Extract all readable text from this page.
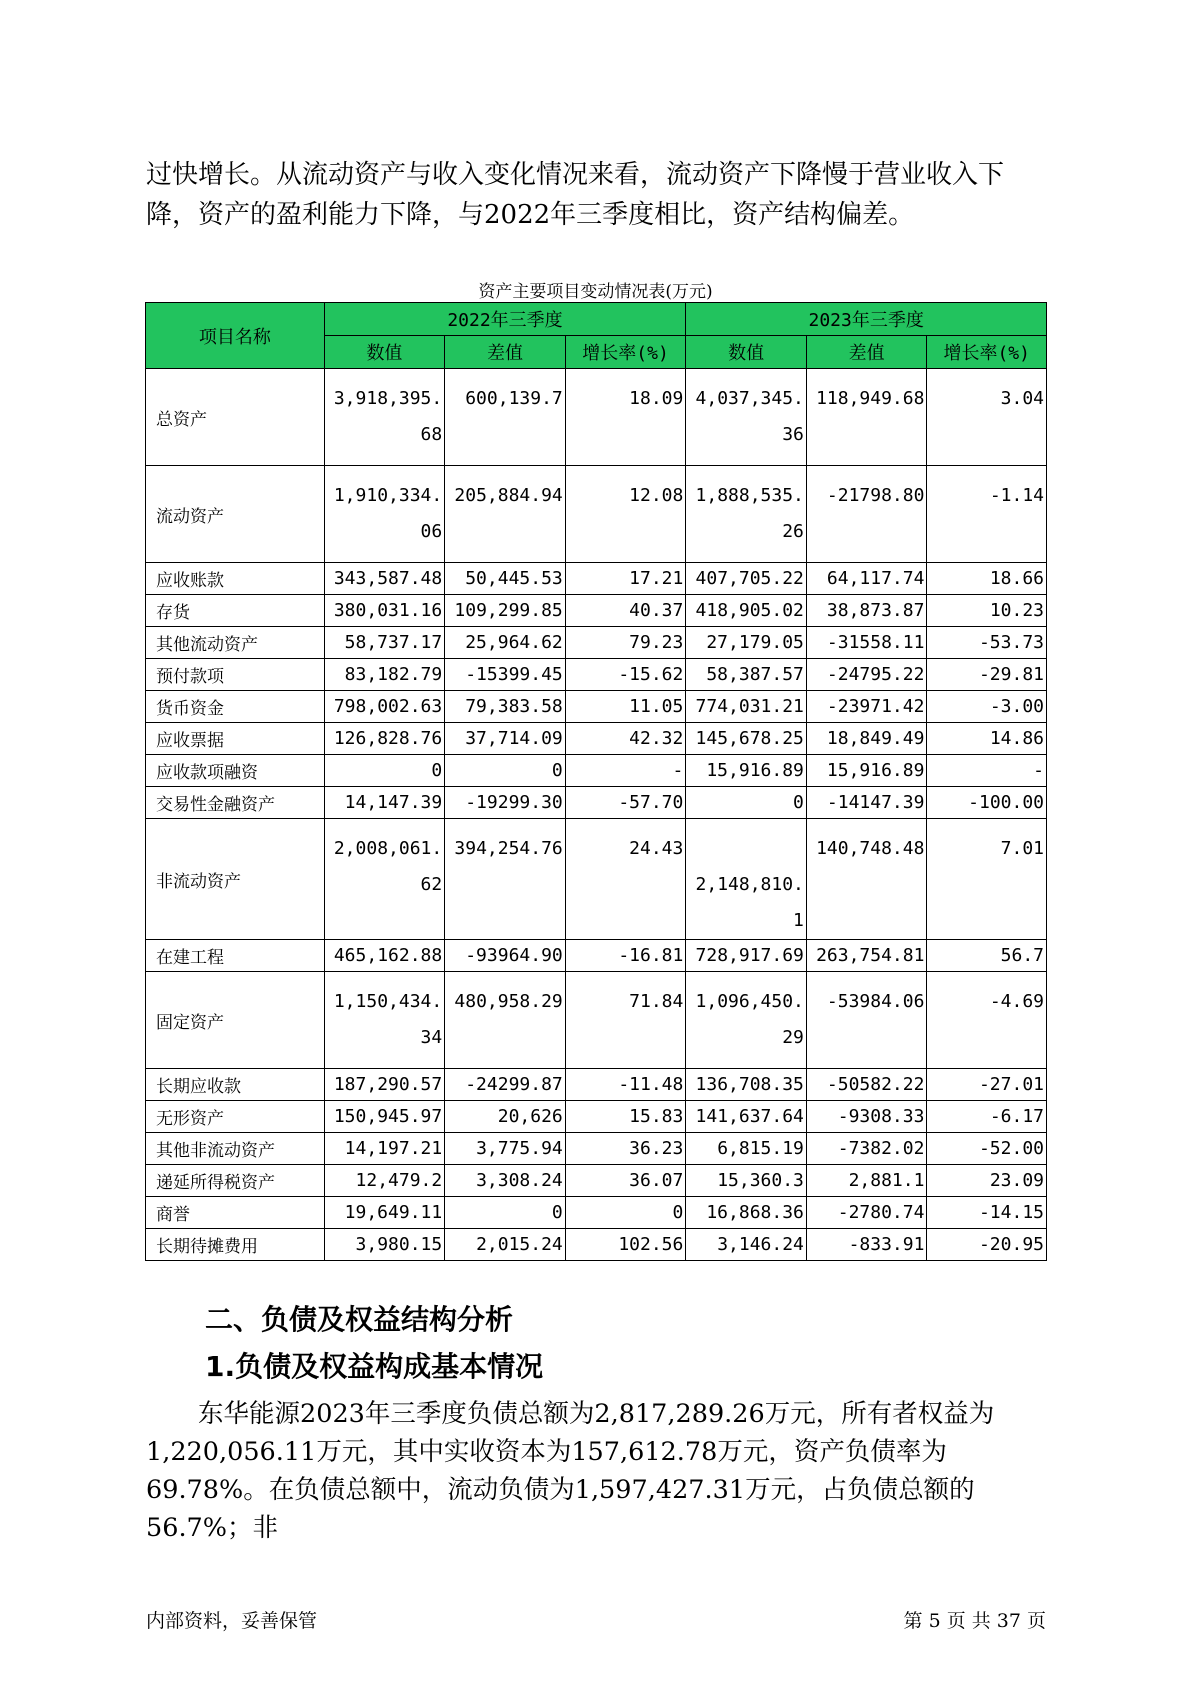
过快增长。从流动资产与收入变化情况来看，流动资产下降慢于营业收入下降，资产的盈利能力下降，与2022年三季度相比，资产结构偏差。
资产主要项目变动情况表(万元)
项目名称	2022年三季度			2023年三季度		
	数值	差值	增长率(%)	数值	差值	增长率(%)
总资产	3,918,395.68	600,139.7	18.09	4,037,345.36	118,949.68	3.04

流动资产	1,910,334.06	205,884.94	12.08	1,888,535.26	-21798.80	-1.14

应收账款	343,587.48	50,445.53	17.21	407,705.22	64,117.74	18.66

存货	380,031.16	109,299.85	40.37	418,905.02	38,873.87	10.23

其他流动资产	58,737.17	25,964.62	79.23	27,179.05	-31558.11	-53.73

预付款项	83,182.79	-15399.45	-15.62	58,387.57	-24795.22	-29.81

货币资金	798,002.63	79,383.58	11.05	774,031.21	-23971.42	-3.00

应收票据	126,828.76	37,714.09	42.32	145,678.25	18,849.49	14.86

应收款项融资	0	0	-	15,916.89	15,916.89	-

交易性金融资产	14,147.39	-19299.30	-57.70	0	-14147.39	-100.00

非流动资产	2,008,061.62	394,254.76	24.43	2,148,810.1	140,748.48	7.01

在建工程	465,162.88	-93964.90	-16.81	728,917.69	263,754.81	56.7

固定资产	1,150,434.34	480,958.29	71.84	1,096,450.29	-53984.06	-4.69

长期应收款	187,290.57	-24299.87	-11.48	136,708.35	-50582.22	-27.01

无形资产	150,945.97	20,626	15.83	141,637.64	-9308.33	-6.17

其他非流动资产	14,197.21	3,775.94	36.23	6,815.19	-7382.02	-52.00

递延所得税资产	12,479.2	3,308.24	36.07	15,360.3	2,881.1	23.09

商誉	19,649.11	0	0	16,868.36	-2780.74	-14.15

长期待摊费用	3,980.15	2,015.24	102.56	3,146.24	-833.91	-20.95
二、负债及权益结构分析
1.负债及权益构成基本情况
东华能源2023年三季度负债总额为2,817,289.26万元，所有者权益为1,220,056.11万元，其中实收资本为157,612.78万元，资产负债率为69.78%。在负债总额中，流动负债为1,597,427.31万元，占负债总额的56.7%；非
内部资料，妥善保管	第 5 页 共 37 页
